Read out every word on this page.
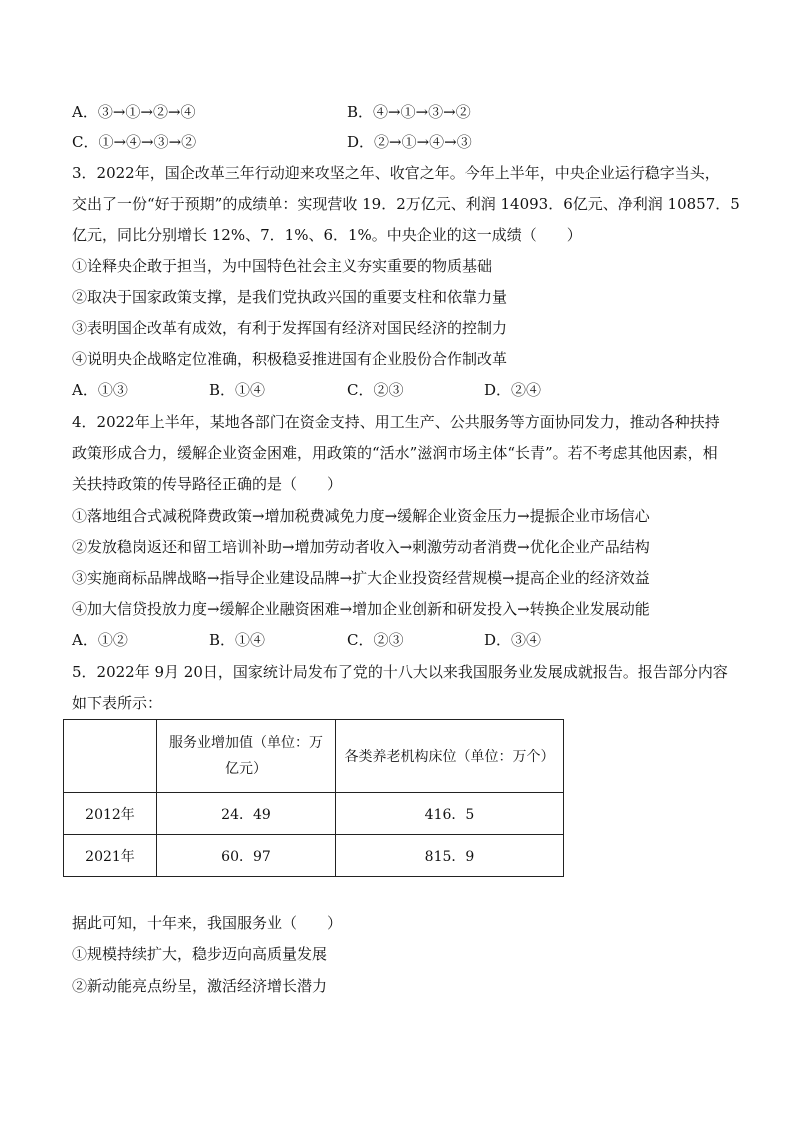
A．③→①→②→④	B．④→①→③→②
C．①→④→③→②	D．②→①→④→③
3．2022年，国企改革三年行动迎来攻坚之年、收官之年。今年上半年，中央企业运行稳字当头，
交出了一份“好于预期”的成绩单：实现营收 19．2万亿元、利润 14093．6亿元、净利润 10857．5
亿元，同比分别增长 12%、7．1%、6．1%。中央企业的这一成绩（　　）
①诠释央企敢于担当，为中国特色社会主义夯实重要的物质基础
②取决于国家政策支撑，是我们党执政兴国的重要支柱和依靠力量
③表明国企改革有成效，有利于发挥国有经济对国民经济的控制力
④说明央企战略定位准确，积极稳妥推进国有企业股份合作制改革
A．①③	B．①④	C．②③	D．②④
4．2022年上半年，某地各部门在资金支持、用工生产、公共服务等方面协同发力，推动各种扶持
政策形成合力，缓解企业资金困难，用政策的“活水”滋润市场主体“长青”。若不考虑其他因素，相
关扶持政策的传导路径正确的是（　　）
①落地组合式减税降费政策→增加税费减免力度→缓解企业资金压力→提振企业市场信心
②发放稳岗返还和留工培训补助→增加劳动者收入→刺激劳动者消费→优化企业产品结构
③实施商标品牌战略→指导企业建设品牌→扩大企业投资经营规模→提高企业的经济效益
④加大信贷投放力度→缓解企业融资困难→增加企业创新和研发投入→转换企业发展动能
A．①②	B．①④	C．②③	D．③④
5．2022年 9月 20日，国家统计局发布了党的十八大以来我国服务业发展成就报告。报告部分内容
如下表所示：
	服务业增加值（单位：万亿元）	各类养老机构床位（单位：万个）
2012年	24．49	416．5
2021年	60．97	815．9
据此可知，十年来，我国服务业（　　）
①规模持续扩大，稳步迈向高质量发展
②新动能亮点纷呈，激活经济增长潜力
